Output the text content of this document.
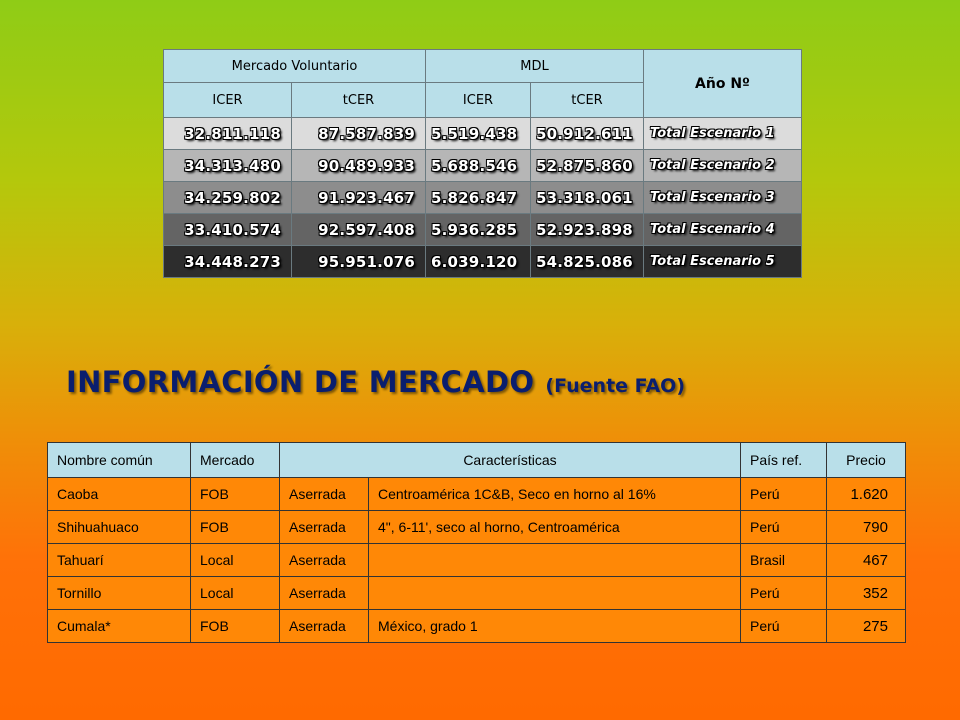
Mercado Voluntario		MDL		Año Nº
ICER	tCER	ICER	tCER	
32.811.118	87.587.839	5.519.438	50.912.611	Total Escenario 1
34.313.480	90.489.933	5.688.546	52.875.860	Total Escenario 2
34.259.802	91.923.467	5.826.847	53.318.061	Total Escenario 3
33.410.574	92.597.408	5.936.285	52.923.898	Total Escenario 4
34.448.273	95.951.076	6.039.120	54.825.086	Total Escenario 5
INFORMACIÓN DE MERCADO (Fuente FAO)
Nombre común	Mercado	Características		País ref.	Precio
Caoba	FOB	Aserrada	Centroamérica 1C&B, Seco en horno al 16%	Perú	1.620
Shihuahuaco	FOB	Aserrada	4", 6-11', seco al horno, Centroamérica	Perú	790
Tahuarí	Local	Aserrada		Brasil	467
Tornillo	Local	Aserrada		Perú	352
Cumala*	FOB	Aserrada	México, grado 1	Perú	275
